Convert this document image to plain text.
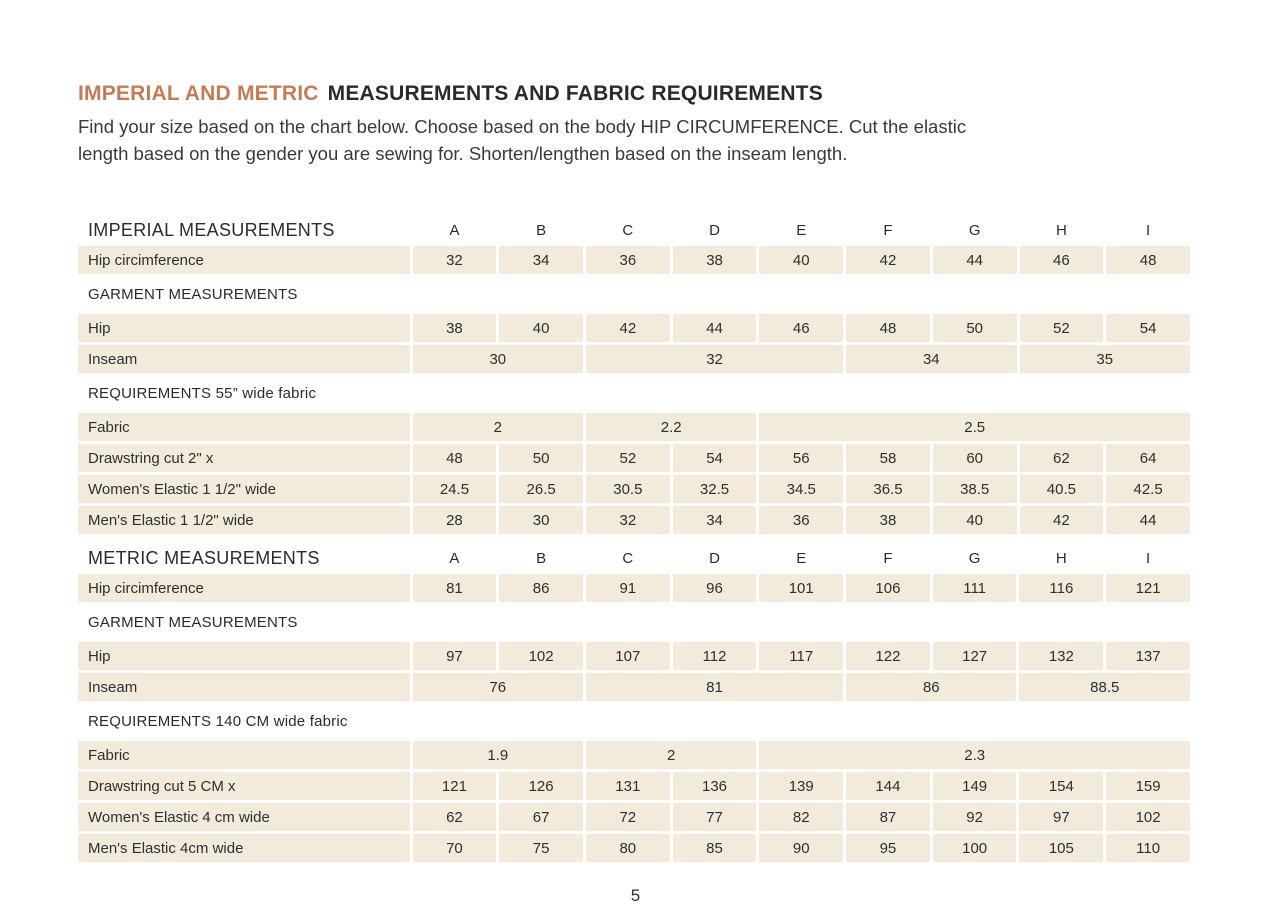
IMPERIAL AND METRIC MEASUREMENTS AND FABRIC REQUIREMENTS

Find your size based on the chart below. Choose based on the body HIP CIRCUMFERENCE. Cut the elastic
length based on the gender you are sewing for. Shorten/lengthen based on the inseam length.

IMPERIAL MEASUREMENTS	A	B	C	D	E	F	G	H	I
Hip circimference	32	34	36	38	40	42	44	46	48
GARMENT MEASUREMENTS									
Hip	38	40	42	44	46	48	50	52	54
Inseam	30		32			34		35	
REQUIREMENTS 55” wide fabric									
Fabric	2		2.2		2.5				
Drawstring cut 2" x	48	50	52	54	56	58	60	62	64
Women's Elastic 1 1/2" wide	24.5	26.5	30.5	32.5	34.5	36.5	38.5	40.5	42.5
Men's Elastic 1 1/2" wide	28	30	32	34	36	38	40	42	44
METRIC MEASUREMENTS	A	B	C	D	E	F	G	H	I
Hip circimference	81	86	91	96	101	106	111	116	121
GARMENT MEASUREMENTS									
Hip	97	102	107	112	117	122	127	132	137
Inseam	76		81			86		88.5	
REQUIREMENTS 140 CM wide fabric									
Fabric	1.9		2		2.3				
Drawstring cut 5 CM x	121	126	131	136	139	144	149	154	159
Women's Elastic 4 cm wide	62	67	72	77	82	87	92	97	102
Men's Elastic 4cm wide	70	75	80	85	90	95	100	105	110
5
